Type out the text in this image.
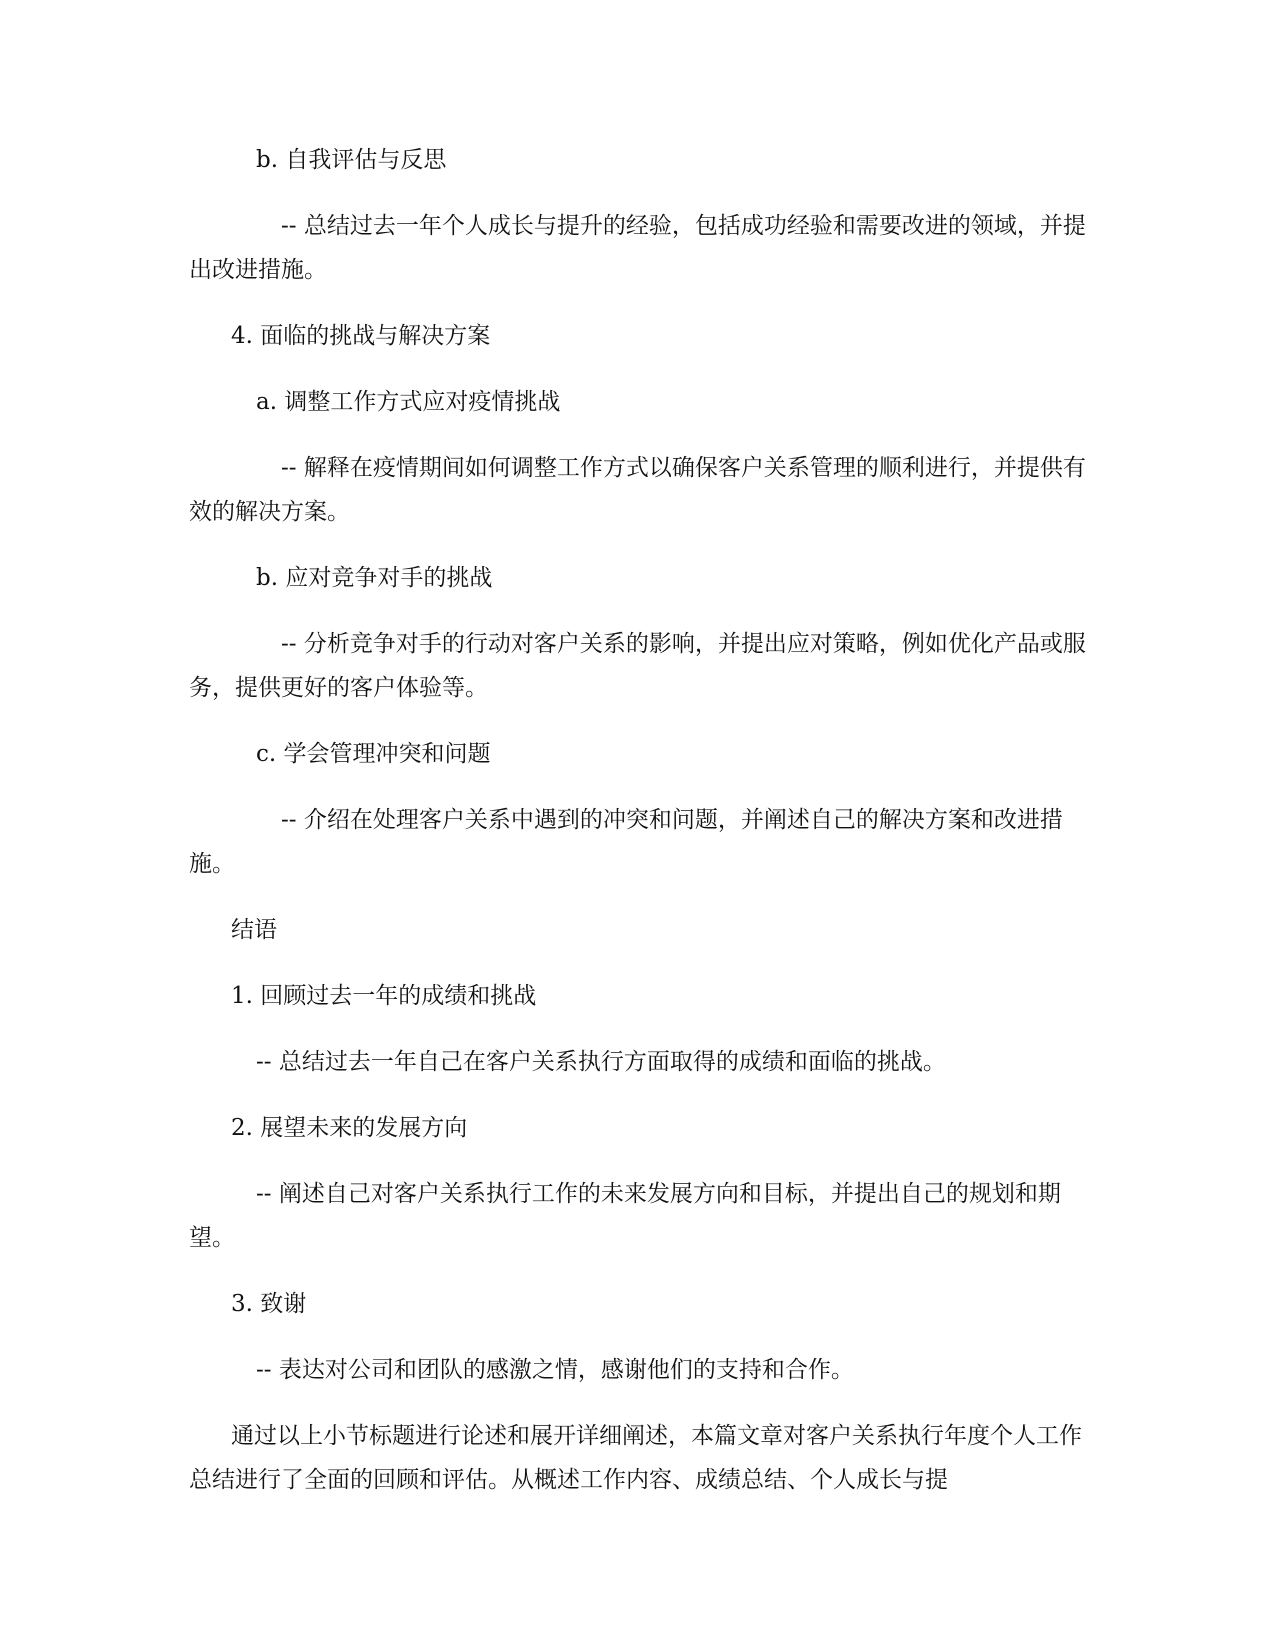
b. 自我评估与反思

-- 总结过去一年个人成长与提升的经验，包括成功经验和需要改进的领域，并提出改进措施。

4. 面临的挑战与解决方案

a. 调整工作方式应对疫情挑战

-- 解释在疫情期间如何调整工作方式以确保客户关系管理的顺利进行，并提供有效的解决方案。

b. 应对竞争对手的挑战

-- 分析竞争对手的行动对客户关系的影响，并提出应对策略，例如优化产品或服务，提供更好的客户体验等。

c. 学会管理冲突和问题

-- 介绍在处理客户关系中遇到的冲突和问题，并阐述自己的解决方案和改进措施。

结语

1. 回顾过去一年的成绩和挑战

-- 总结过去一年自己在客户关系执行方面取得的成绩和面临的挑战。

2. 展望未来的发展方向

-- 阐述自己对客户关系执行工作的未来发展方向和目标，并提出自己的规划和期望。

3. 致谢

-- 表达对公司和团队的感激之情，感谢他们的支持和合作。

通过以上小节标题进行论述和展开详细阐述，本篇文章对客户关系执行年度个人工作总结进行了全面的回顾和评估。从概述工作内容、成绩总结、个人成长与提
